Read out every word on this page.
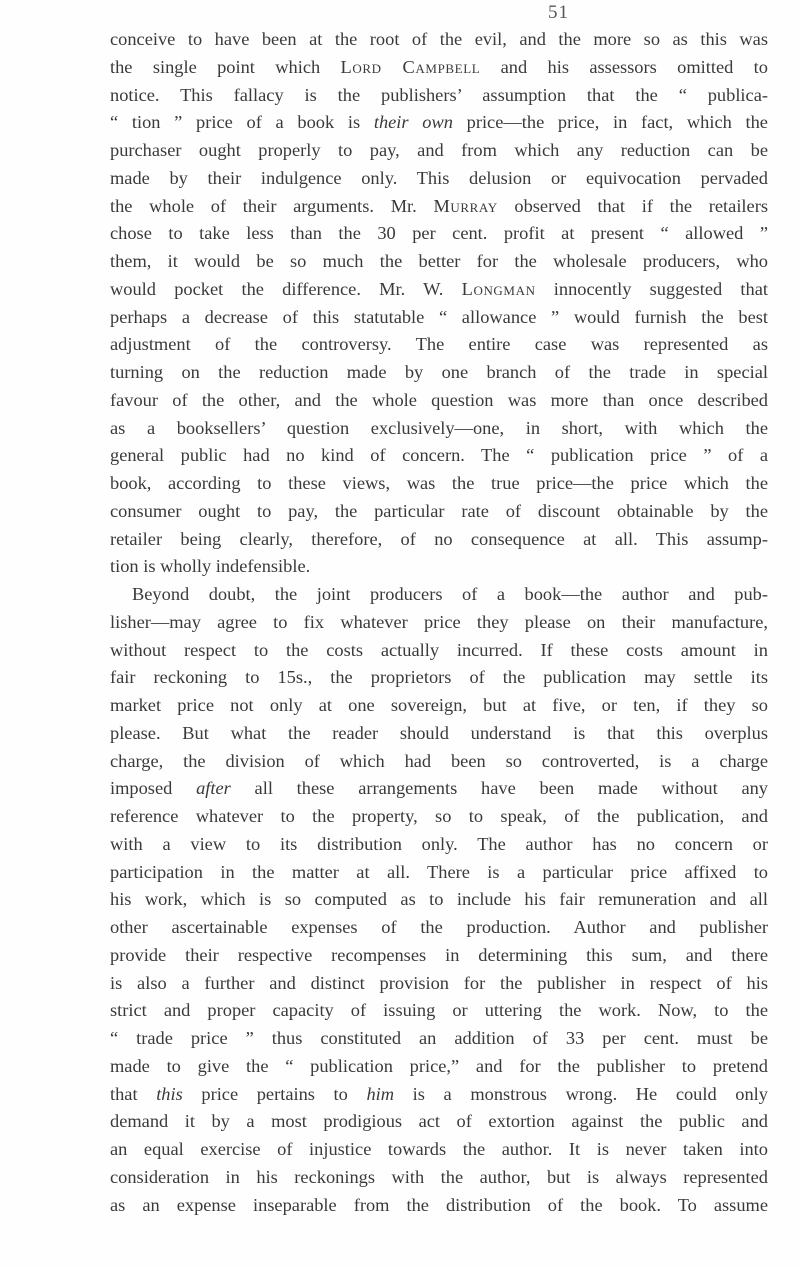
51
conceive to have been at the root of the evil, and the more so as this was
the single point which Lord Campbell and his assessors omitted to
notice. This fallacy is the publishers’ assumption that the “ publica-
“ tion ” price of a book is their own price—the price, in fact, which the
purchaser ought properly to pay, and from which any reduction can be
made by their indulgence only. This delusion or equivocation pervaded
the whole of their arguments. Mr. Murray observed that if the retailers
chose to take less than the 30 per cent. profit at present “ allowed ”
them, it would be so much the better for the wholesale producers, who
would pocket the difference. Mr. W. Longman innocently suggested that
perhaps a decrease of this statutable “ allowance ” would furnish the best
adjustment of the controversy. The entire case was represented as
turning on the reduction made by one branch of the trade in special
favour of the other, and the whole question was more than once described
as a booksellers’ question exclusively—one, in short, with which the
general public had no kind of concern. The “ publication price ” of a
book, according to these views, was the true price—the price which the
consumer ought to pay, the particular rate of discount obtainable by the
retailer being clearly, therefore, of no consequence at all. This assump-
tion is wholly indefensible.
Beyond doubt, the joint producers of a book—the author and pub-
lisher—may agree to fix whatever price they please on their manufacture,
without respect to the costs actually incurred. If these costs amount in
fair reckoning to 15s., the proprietors of the publication may settle its
market price not only at one sovereign, but at five, or ten, if they so
please. But what the reader should understand is that this overplus
charge, the division of which had been so controverted, is a charge
imposed after all these arrangements have been made without any
reference whatever to the property, so to speak, of the publication, and
with a view to its distribution only. The author has no concern or
participation in the matter at all. There is a particular price affixed to
his work, which is so computed as to include his fair remuneration and all
other ascertainable expenses of the production. Author and publisher
provide their respective recompenses in determining this sum, and there
is also a further and distinct provision for the publisher in respect of his
strict and proper capacity of issuing or uttering the work. Now, to the
“ trade price ” thus constituted an addition of 33 per cent. must be
made to give the “ publication price,” and for the publisher to pretend
that this price pertains to him is a monstrous wrong. He could only
demand it by a most prodigious act of extortion against the public and
an equal exercise of injustice towards the author. It is never taken into
consideration in his reckonings with the author, but is always represented
as an expense inseparable from the distribution of the book. To assume
